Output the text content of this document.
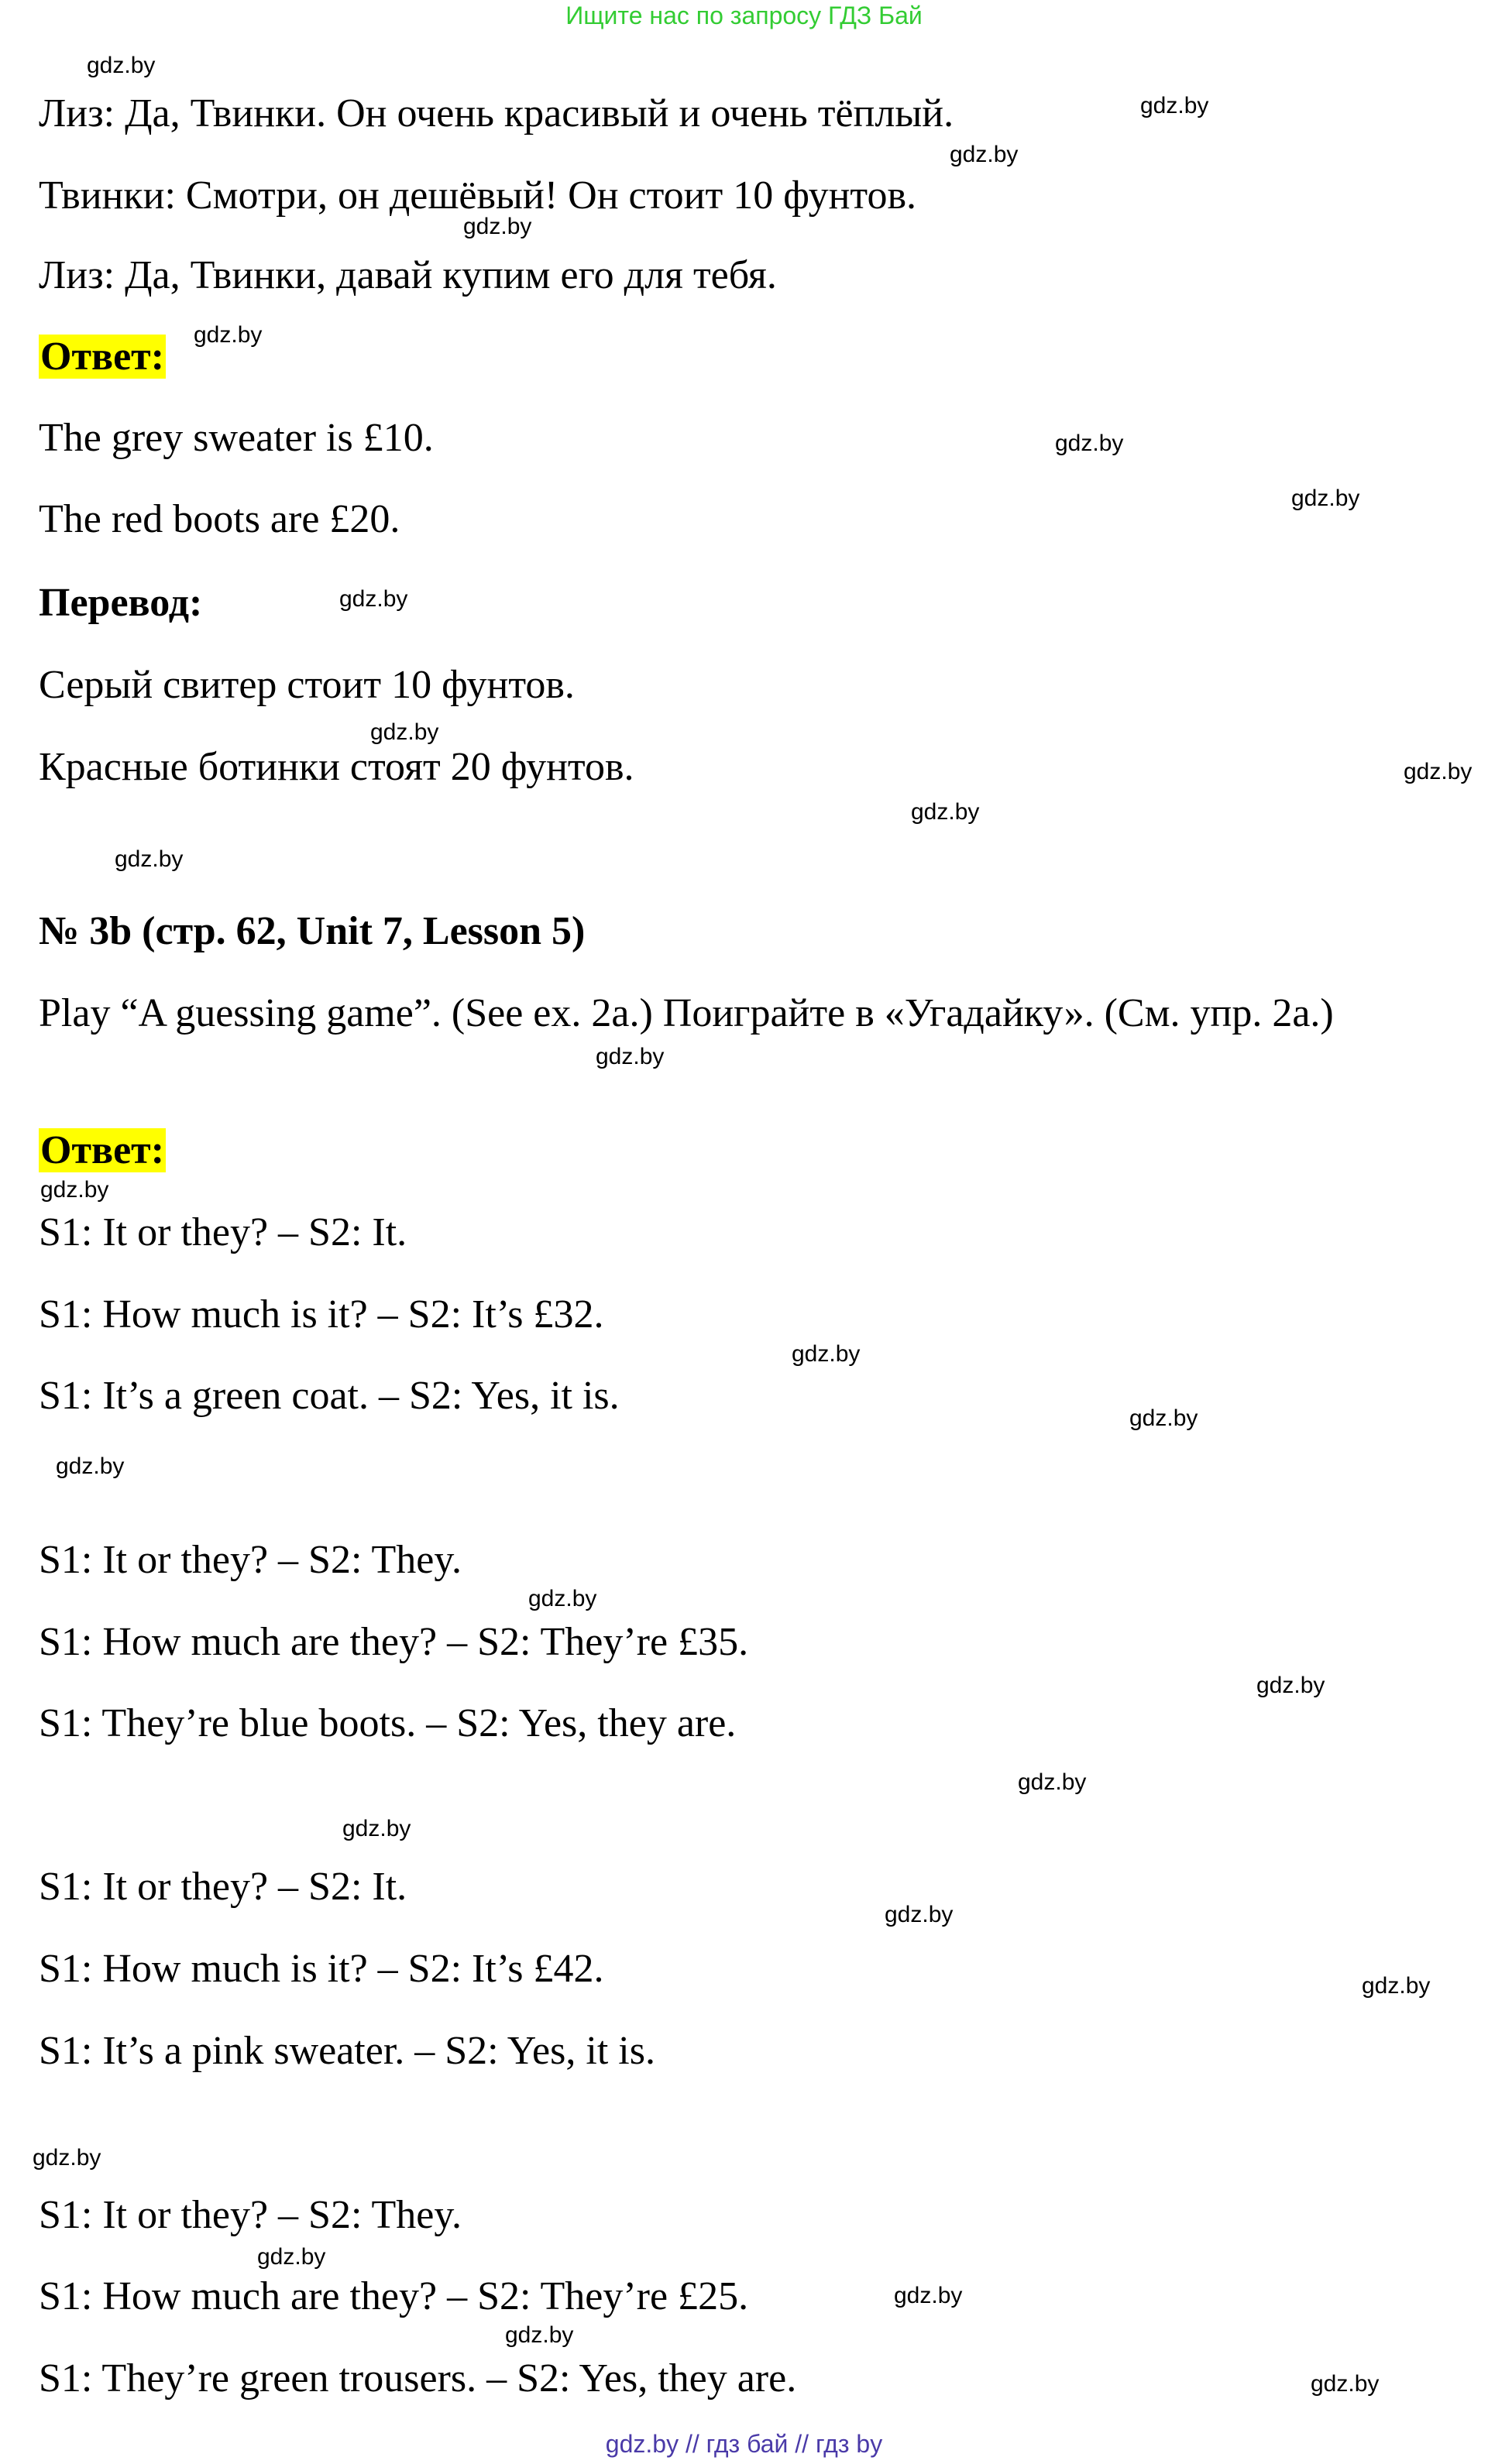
Ищите нас по запросу ГДЗ Бай
Лиз: Да, Твинки. Он очень красивый и очень тёплый.
Твинки: Смотри, он дешёвый! Он стоит 10 фунтов.
Лиз: Да, Твинки, давай купим его для тебя.
Ответ:
The grey sweater is £10.
The red boots are £20.
Перевод:
Серый свитер стоит 10 фунтов.
Красные ботинки стоят 20 фунтов.
№ 3b (стр. 62, Unit 7, Lesson 5)
Play “A guessing game”. (See ex. 2a.) Поиграйте в «Угадайку». (См. упр. 2а.)
Ответ:
S1: It or they? – S2: It.
S1: How much is it? – S2: It’s £32.
S1: It’s a green coat. – S2: Yes, it is.
S1: It or they? – S2: They.
S1: How much are they? – S2: They’re £35.
S1: They’re blue boots. – S2: Yes, they are.
S1: It or they? – S2: It.
S1: How much is it? – S2: It’s £42.
S1: It’s a pink sweater. – S2: Yes, it is.
S1: It or they? – S2: They.
S1: How much are they? – S2: They’re £25.
S1: They’re green trousers. – S2: Yes, they are.
gdz.by
gdz.by
gdz.by
gdz.by
gdz.by
gdz.by
gdz.by
gdz.by
gdz.by
gdz.by
gdz.by
gdz.by
gdz.by
gdz.by
gdz.by
gdz.by
gdz.by
gdz.by
gdz.by
gdz.by
gdz.by
gdz.by
gdz.by
gdz.by
gdz.by
gdz.by
gdz.by
gdz.by
gdz.by // гдз бай // гдз by
